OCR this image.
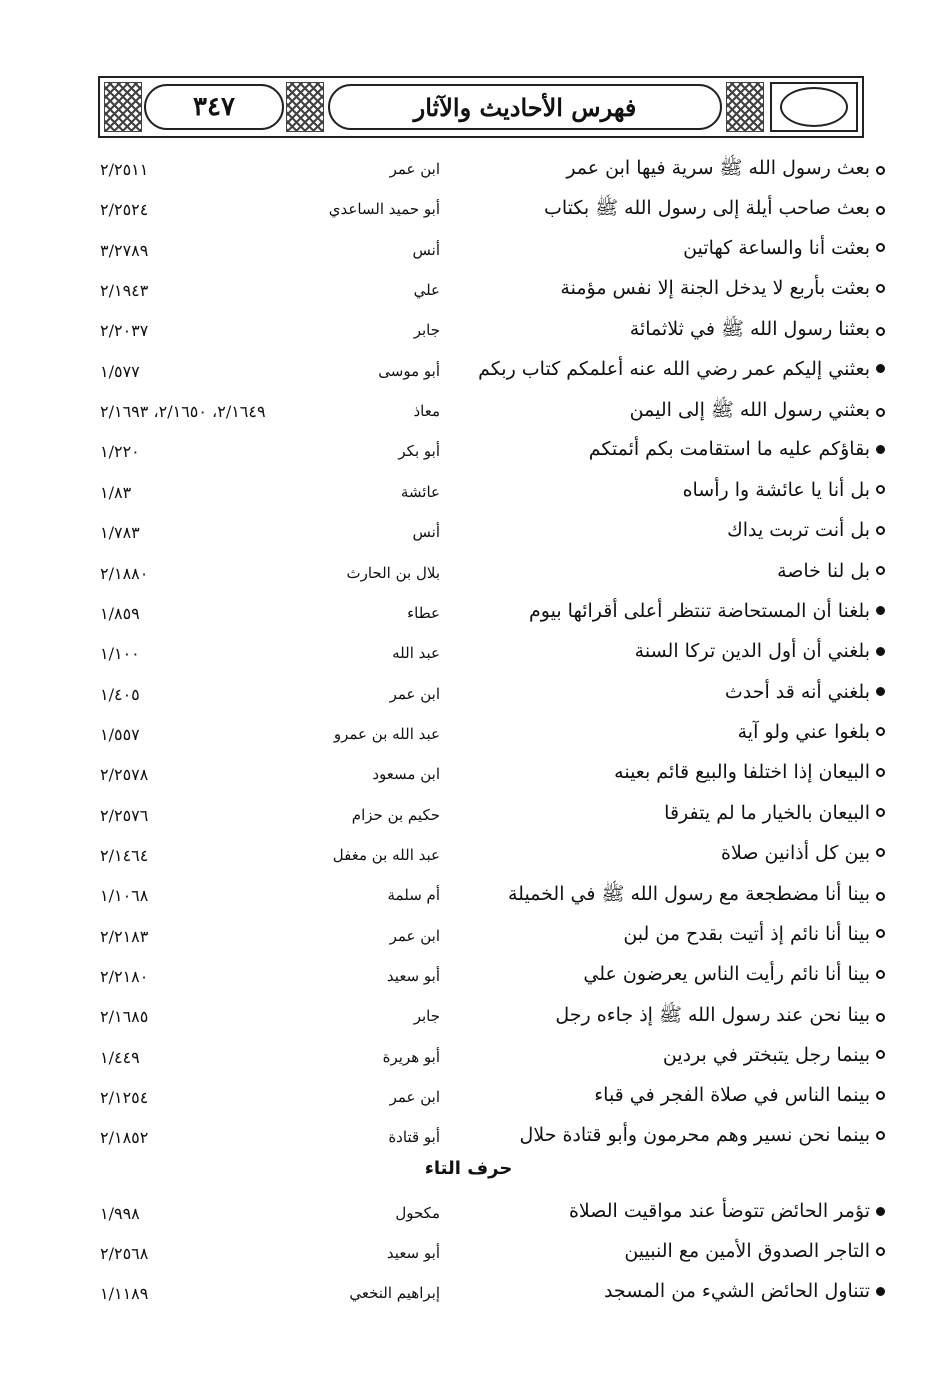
٣٤٧	فهرس الأحاديث والآثار
بعث رسول الله ﷺ سرية فيها ابن عمر
ابن عمر
٢/٢٥١١
بعث صاحب أيلة إلى رسول الله ﷺ بكتاب
أبو حميد الساعدي
٢/٢٥٢٤
بعثت أنا والساعة كهاتين
أنس
٣/٢٧٨٩
بعثت بأربع لا يدخل الجنة إلا نفس مؤمنة
علي
٢/١٩٤٣
بعثنا رسول الله ﷺ في ثلاثمائة
جابر
٢/٢٠٣٧
بعثني إليكم عمر رضي الله عنه أعلمكم كتاب ربكم
أبو موسى
١/٥٧٧
بعثني رسول الله ﷺ إلى اليمن
معاذ
٢/١٦٤٩، ٢/١٦٥٠، ٢/١٦٩٣
بقاؤكم عليه ما استقامت بكم أئمتكم
أبو بكر
١/٢٢٠
بل أنا يا عائشة وا رأساه
عائشة
١/٨٣
بل أنت تربت يداك
أنس
١/٧٨٣
بل لنا خاصة
بلال بن الحارث
٢/١٨٨٠
بلغنا أن المستحاضة تنتظر أعلى أقرائها بيوم
عطاء
١/٨٥٩
بلغني أن أول الدين تركا السنة
عبد الله
١/١٠٠
بلغني أنه قد أحدث
ابن عمر
١/٤٠٥
بلغوا عني ولو آية
عبد الله بن عمرو
١/٥٥٧
البيعان إذا اختلفا والبيع قائم بعينه
ابن مسعود
٢/٢٥٧٨
البيعان بالخيار ما لم يتفرقا
حكيم بن حزام
٢/٢٥٧٦
بين كل أذانين صلاة
عبد الله بن مغفل
٢/١٤٦٤
بينا أنا مضطجعة مع رسول الله ﷺ في الخميلة
أم سلمة
١/١٠٦٨
بينا أنا نائم إذ أتيت بقدح من لبن
ابن عمر
٢/٢١٨٣
بينا أنا نائم رأيت الناس يعرضون علي
أبو سعيد
٢/٢١٨٠
بينا نحن عند رسول الله ﷺ إذ جاءه رجل
جابر
٢/١٦٨٥
بينما رجل يتبختر في بردين
أبو هريرة
١/٤٤٩
بينما الناس في صلاة الفجر في قباء
ابن عمر
٢/١٢٥٤
بينما نحن نسير وهم محرمون وأبو قتادة حلال
أبو قتادة
٢/١٨٥٢
حرف التاء
تؤمر الحائض تتوضأ عند مواقيت الصلاة
مكحول
١/٩٩٨
التاجر الصدوق الأمين مع النبيين
أبو سعيد
٢/٢٥٦٨
تتناول الحائض الشيء من المسجد
إبراهيم النخعي
١/١١٨٩
